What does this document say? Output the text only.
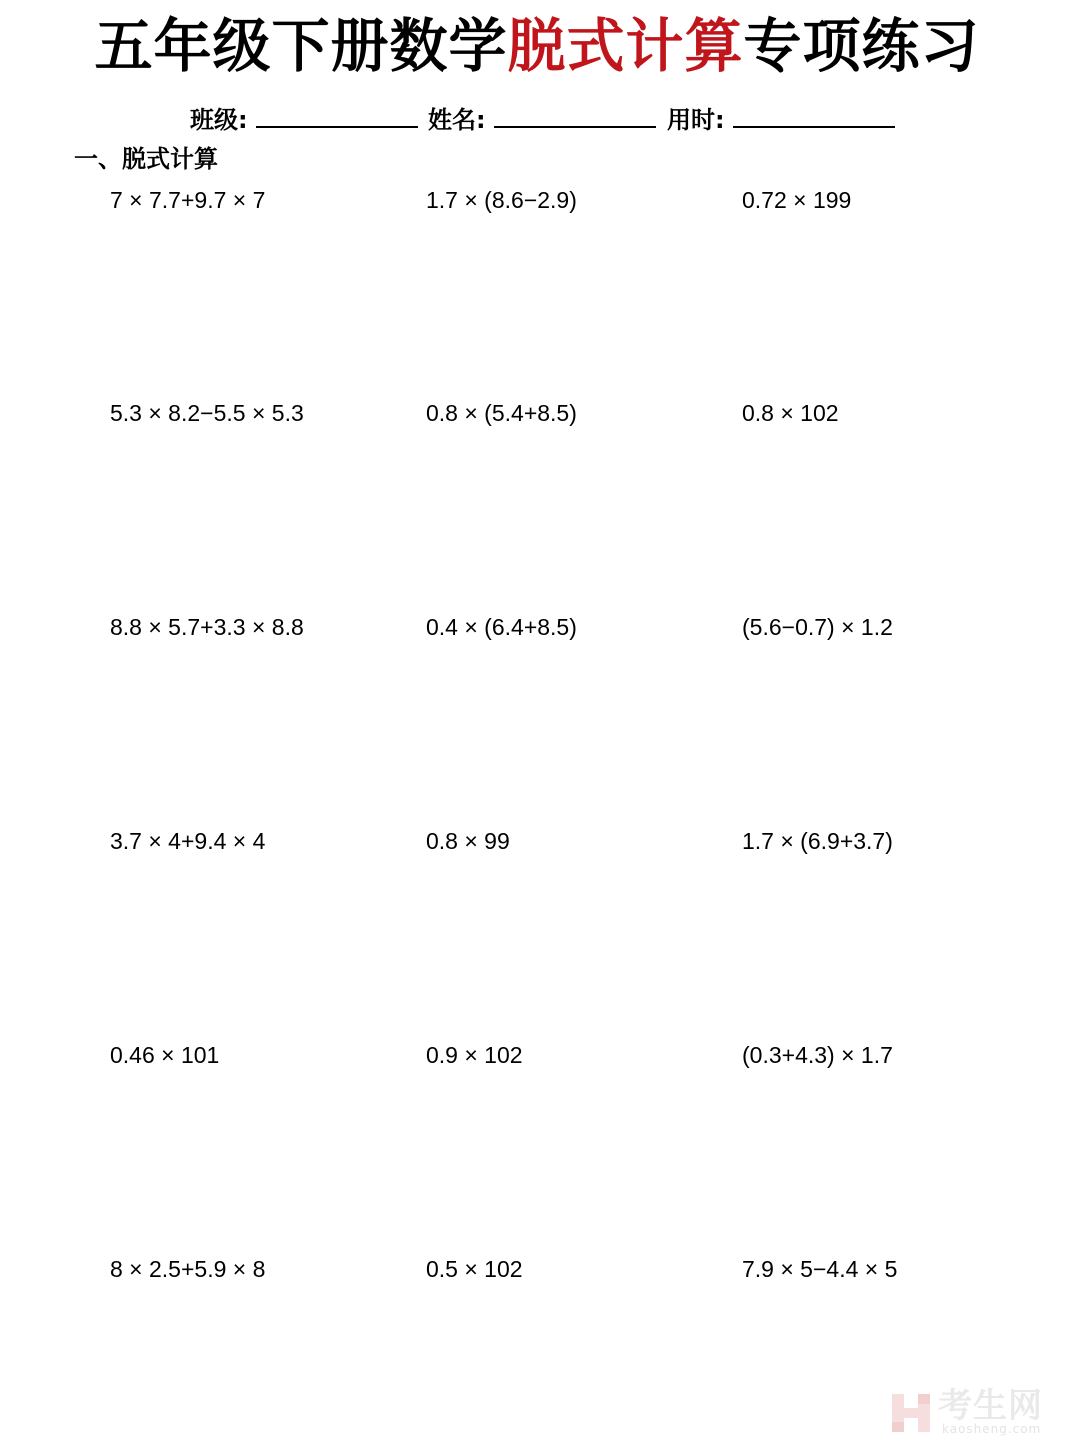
五年级下册数学脱式计算专项练习
班级:	姓名:	用时:
一、脱式计算
7 × 7.7+9.7 × 7	1.7 × (8.6−2.9)	0.72 × 199
5.3 × 8.2−5.5 × 5.3	0.8 × (5.4+8.5)	0.8 × 102
8.8 × 5.7+3.3 × 8.8	0.4 × (6.4+8.5)	(5.6−0.7) × 1.2
3.7 × 4+9.4 × 4	0.8 × 99	1.7 × (6.9+3.7)
0.46 × 101	0.9 × 102	(0.3+4.3) × 1.7
8 × 2.5+5.9 × 8	0.5 × 102	7.9 × 5−4.4 × 5
考生网
kaosheng.com
